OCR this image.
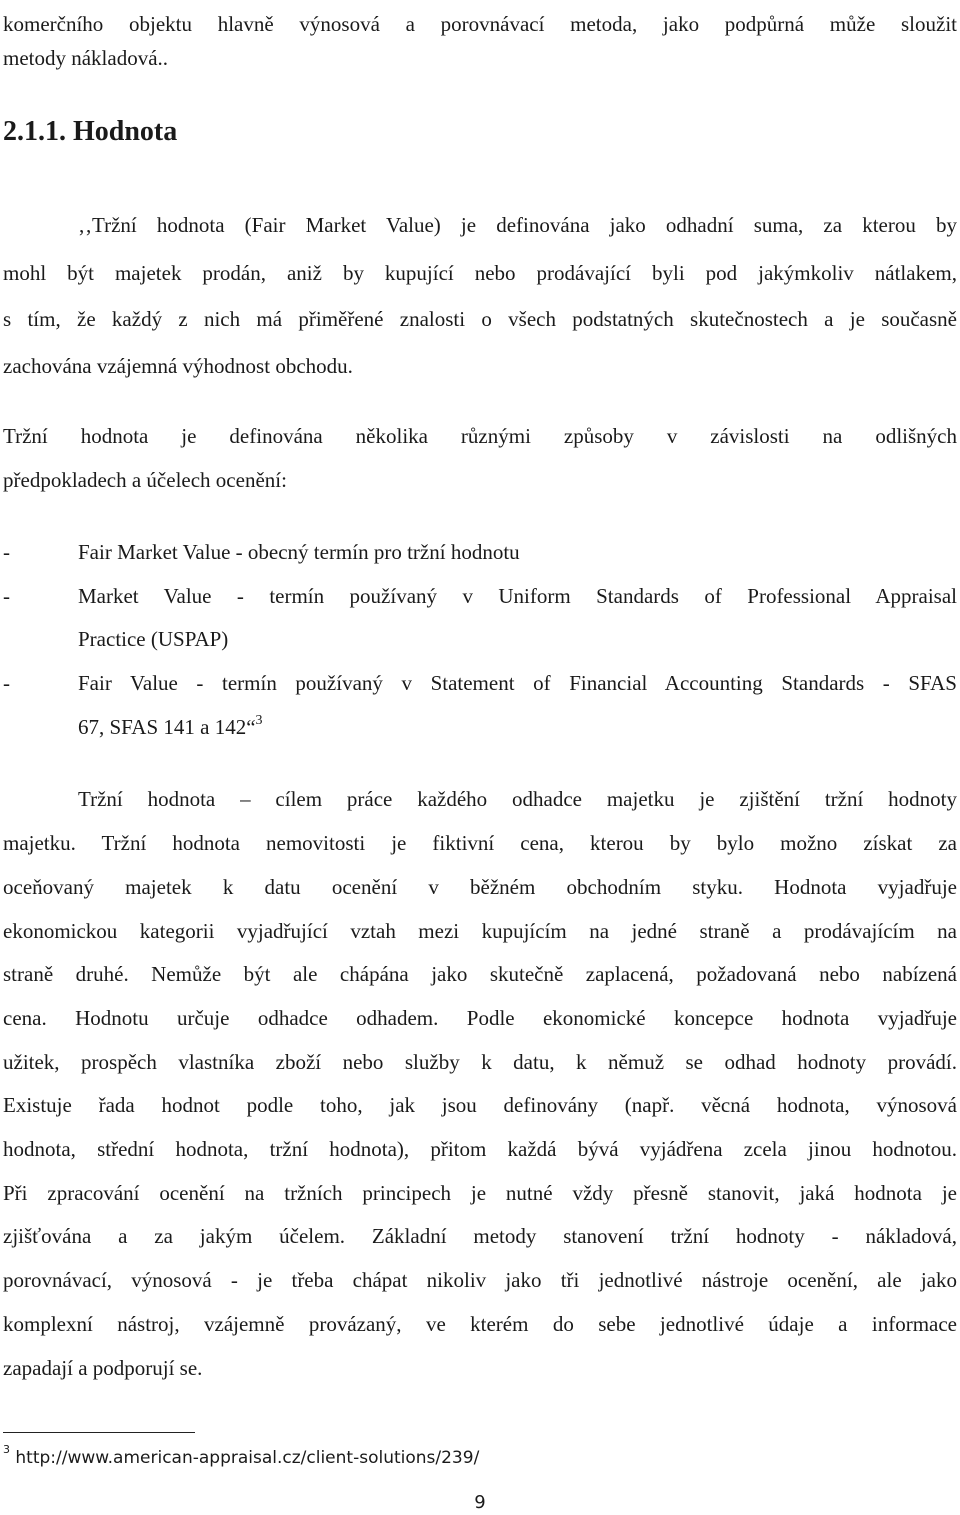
komerčního objektu hlavně výnosová a porovnávací metoda, jako podpůrná může sloužit
metody nákladová..
2.1.1. Hodnota
‚‚Tržní hodnota (Fair Market Value) je definována jako odhadní suma, za kterou by
mohl být majetek prodán, aniž by kupující nebo prodávající byli pod jakýmkoliv nátlakem,
s tím, že každý z nich má přiměřené znalosti o všech podstatných skutečnostech a je současně
zachována vzájemná výhodnost obchodu.
Tržní hodnota je definována několika různými způsoby v závislosti na odlišných
předpokladech a účelech ocenění:
-	Fair Market Value - obecný termín pro tržní hodnotu
-	Market Value - termín používaný v Uniform Standards of Professional Appraisal
Practice (USPAP)
-	Fair Value - termín používaný v Statement of Financial Accounting Standards - SFAS
67, SFAS 141 a 142“$^3$
Tržní hodnota – cílem práce každého odhadce majetku je zjištění tržní hodnoty
majetku. Tržní hodnota nemovitosti je fiktivní cena, kterou by bylo možno získat za
oceňovaný majetek k datu ocenění v běžném obchodním styku. Hodnota vyjadřuje
ekonomickou kategorii vyjadřující vztah mezi kupujícím na jedné straně a prodávajícím na
straně druhé. Nemůže být ale chápána jako skutečně zaplacená, požadovaná nebo nabízená
cena. Hodnotu určuje odhadce odhadem. Podle ekonomické koncepce hodnota vyjadřuje
užitek, prospěch vlastníka zboží nebo služby k datu, k němuž se odhad hodnoty provádí.
Existuje řada hodnot podle toho, jak jsou definovány (např. věcná hodnota, výnosová
hodnota, střední hodnota, tržní hodnota), přitom každá bývá vyjádřena zcela jinou hodnotou.
Při zpracování ocenění na tržních principech je nutné vždy přesně stanovit, jaká hodnota je
zjišťována a za jakým účelem. Základní metody stanovení tržní hodnoty - nákladová,
porovnávací, výnosová - je třeba chápat nikoliv jako tři jednotlivé nástroje ocenění, ale jako
komplexní nástroj, vzájemně provázaný, ve kterém do sebe jednotlivé údaje a informace
zapadají a podporují se.
$^3$ http://www.american-appraisal.cz/client-solutions/239/
9
